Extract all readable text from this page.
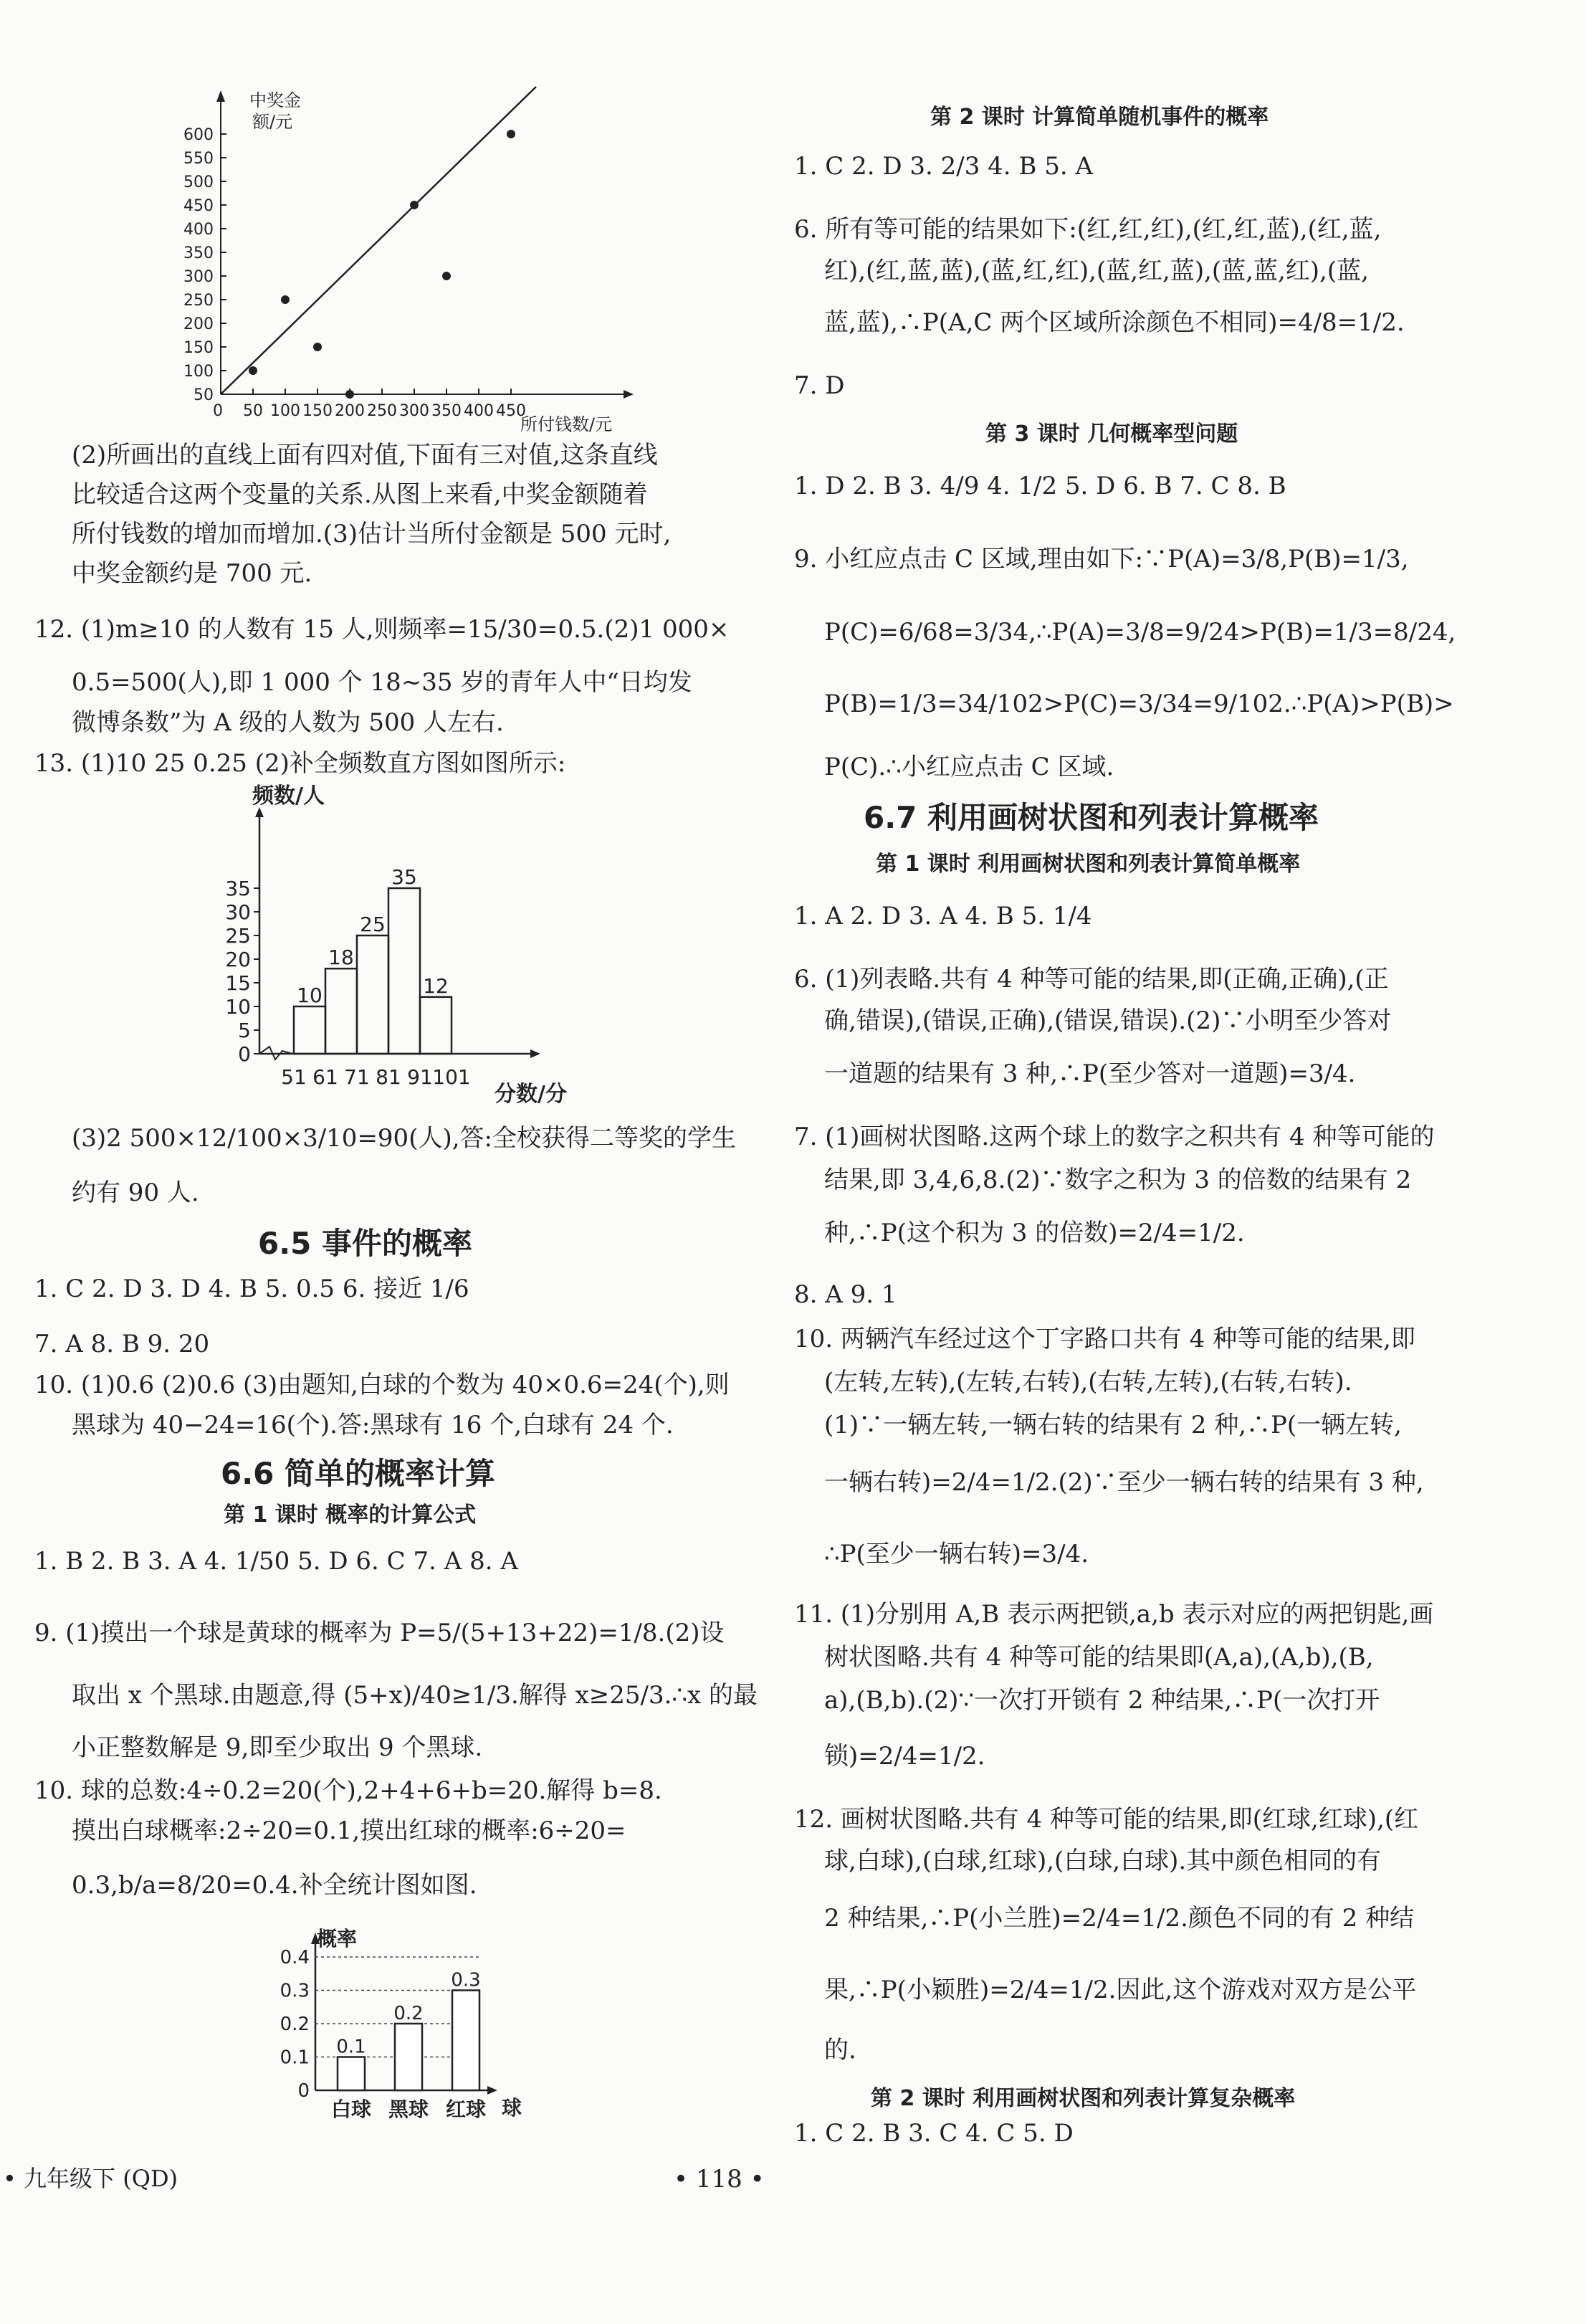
50
100
150
200
250
300
350
400
450
500
550
600
0 50 100 150 200 250 300 350 400 450
中奖金
额/元
所付钱数/元
(2)所画出的直线上面有四对值,下面有三对值,这条直线
比较适合这两个变量的关系.从图上来看,中奖金额随着
所付钱数的增加而增加.(3)估计当所付金额是 500 元时,
中奖金额约是 700 元.
12. (1)m≥10 的人数有 15 人,则频率=15/30=0.5.(2)1 000×
0.5=500(人),即 1 000 个 18~35 岁的青年人中“日均发
微博条数”为 A 级的人数为 500 人左右.
13. (1)10 25 0.25 (2)补全频数直方图如图所示:
0
5
10
15
20
25
30
35
51 61 71 81 91 101
10
18
25
35
12
频数/人
分数/分
(3)2 500×12/100×3/10=90(人),答:全校获得二等奖的学生
约有 90 人.
6.5 事件的概率
1. C 2. D 3. D 4. B 5. 0.5 6. 接近 1/6
7. A 8. B 9. 20
10. (1)0.6 (2)0.6 (3)由题知,白球的个数为 40×0.6=24(个),则
黑球为 40−24=16(个).答:黑球有 16 个,白球有 24 个.
6.6 简单的概率计算
第 1 课时 概率的计算公式
1. B 2. B 3. A 4. 1/50 5. D 6. C 7. A 8. A
9. (1)摸出一个球是黄球的概率为 P=5/(5+13+22)=1/8.(2)设
取出 x 个黑球.由题意,得 (5+x)/40≥1/3.解得 x≥25/3.∴x 的最
小正整数解是 9,即至少取出 9 个黑球.
10. 球的总数:4÷0.2=20(个),2+4+6+b=20.解得 b=8.
摸出白球概率:2÷20=0.1,摸出红球的概率:6÷20=
0.3,b/a=8/20=0.4.补全统计图如图.
0
0.1
0.2
0.3
0.4
0.1
白球
0.2
黑球
0.3
红球
概率
球
第 2 课时 计算简单随机事件的概率
1. C 2. D 3. 2/3 4. B 5. A
6. 所有等可能的结果如下:(红,红,红),(红,红,蓝),(红,蓝,
红),(红,蓝,蓝),(蓝,红,红),(蓝,红,蓝),(蓝,蓝,红),(蓝,
蓝,蓝),∴P(A,C 两个区域所涂颜色不相同)=4/8=1/2.
7. D
第 3 课时 几何概率型问题
1. D 2. B 3. 4/9 4. 1/2 5. D 6. B 7. C 8. B
9. 小红应点击 C 区域,理由如下:∵P(A)=3/8,P(B)=1/3,
P(C)=6/68=3/34,∴P(A)=3/8=9/24>P(B)=1/3=8/24,
P(B)=1/3=34/102>P(C)=3/34=9/102.∴P(A)>P(B)>
P(C).∴小红应点击 C 区域.
6.7 利用画树状图和列表计算概率
第 1 课时 利用画树状图和列表计算简单概率
1. A 2. D 3. A 4. B 5. 1/4
6. (1)列表略.共有 4 种等可能的结果,即(正确,正确),(正
确,错误),(错误,正确),(错误,错误).(2)∵小明至少答对
一道题的结果有 3 种,∴P(至少答对一道题)=3/4.
7. (1)画树状图略.这两个球上的数字之积共有 4 种等可能的
结果,即 3,4,6,8.(2)∵数字之积为 3 的倍数的结果有 2
种,∴P(这个积为 3 的倍数)=2/4=1/2.
8. A 9. 1
10. 两辆汽车经过这个丁字路口共有 4 种等可能的结果,即
(左转,左转),(左转,右转),(右转,左转),(右转,右转).
(1)∵一辆左转,一辆右转的结果有 2 种,∴P(一辆左转,
一辆右转)=2/4=1/2.(2)∵至少一辆右转的结果有 3 种,
∴P(至少一辆右转)=3/4.
11. (1)分别用 A,B 表示两把锁,a,b 表示对应的两把钥匙,画
树状图略.共有 4 种等可能的结果即(A,a),(A,b),(B,
a),(B,b).(2)∵一次打开锁有 2 种结果,∴P(一次打开
锁)=2/4=1/2.
12. 画树状图略.共有 4 种等可能的结果,即(红球,红球),(红
球,白球),(白球,红球),(白球,白球).其中颜色相同的有
2 种结果,∴P(小兰胜)=2/4=1/2.颜色不同的有 2 种结
果,∴P(小颖胜)=2/4=1/2.因此,这个游戏对双方是公平
的.
第 2 课时 利用画树状图和列表计算复杂概率
1. C 2. B 3. C 4. C 5. D
• 九年级下 (QD)	• 118 •
